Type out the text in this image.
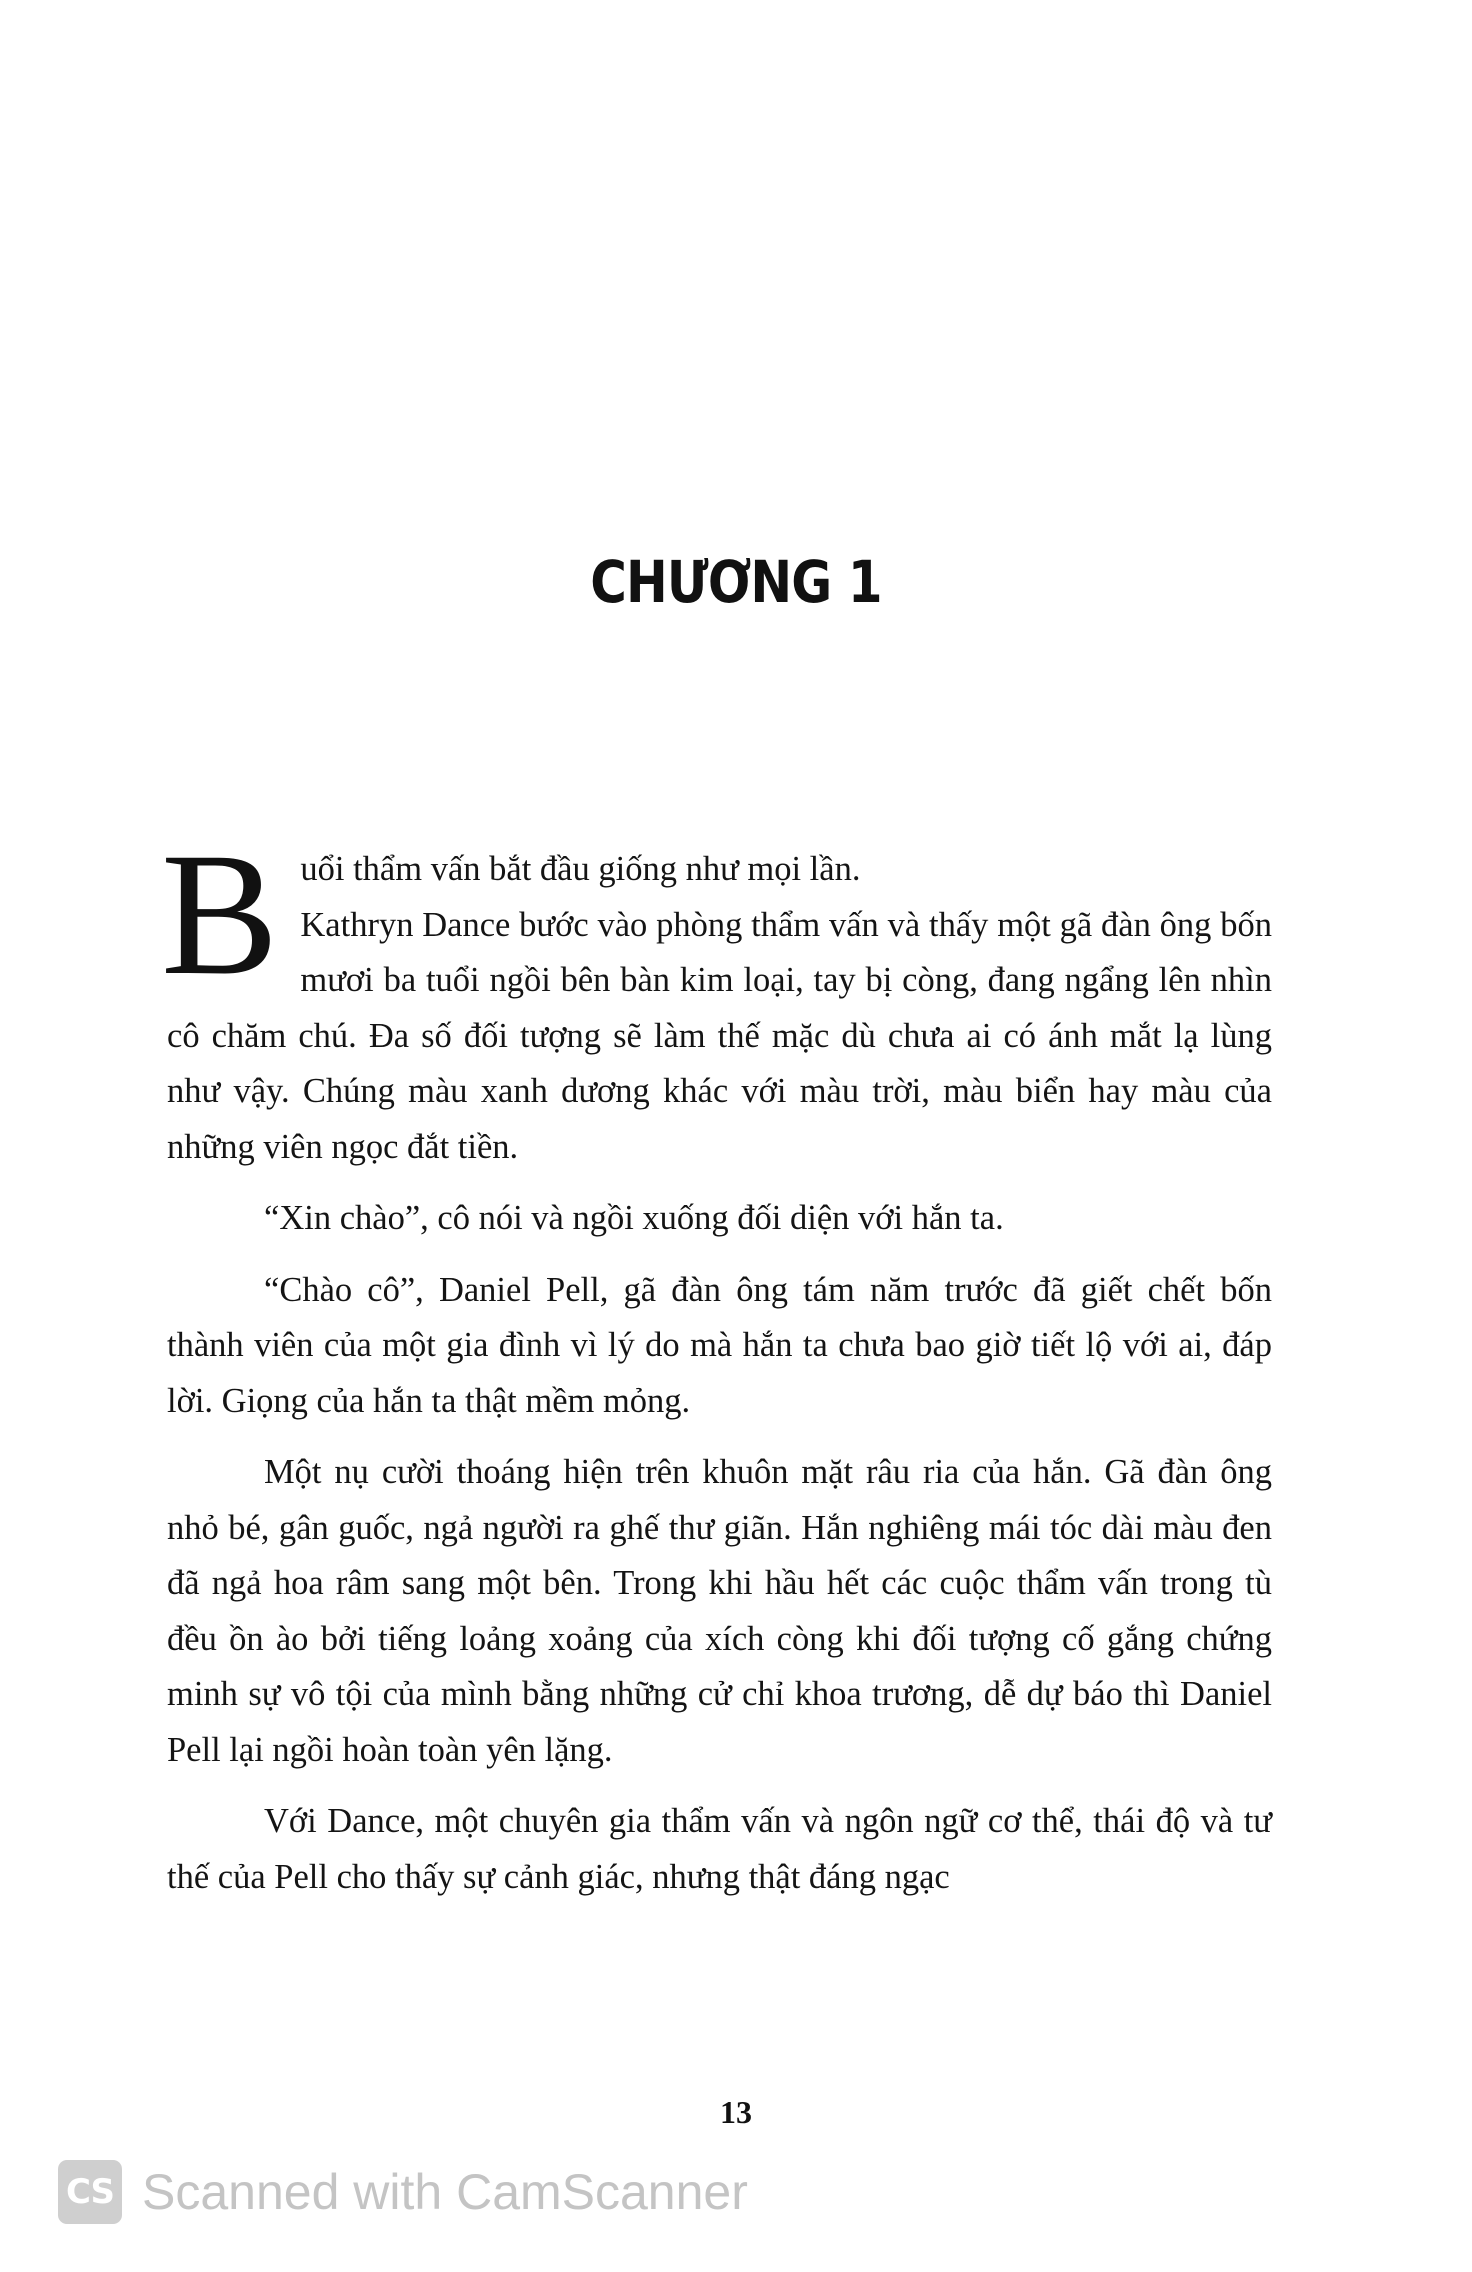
CHƯƠNG 1

Buổi thẩm vấn bắt đầu giống như mọi lần.

Kathryn Dance bước vào phòng thẩm vấn và thấy một gã đàn ông bốn mươi ba tuổi ngồi bên bàn kim loại, tay bị còng, đang ngẩng lên nhìn cô chăm chú. Đa số đối tượng sẽ làm thế mặc dù chưa ai có ánh mắt lạ lùng như vậy. Chúng màu xanh dương khác với màu trời, màu biển hay màu của những viên ngọc đắt tiền.

“Xin chào”, cô nói và ngồi xuống đối diện với hắn ta.

“Chào cô”, Daniel Pell, gã đàn ông tám năm trước đã giết chết bốn thành viên của một gia đình vì lý do mà hắn ta chưa bao giờ tiết lộ với ai, đáp lời. Giọng của hắn ta thật mềm mỏng.

Một nụ cười thoáng hiện trên khuôn mặt râu ria của hắn. Gã đàn ông nhỏ bé, gân guốc, ngả người ra ghế thư giãn. Hắn nghiêng mái tóc dài màu đen đã ngả hoa râm sang một bên. Trong khi hầu hết các cuộc thẩm vấn trong tù đều ồn ào bởi tiếng loảng xoảng của xích còng khi đối tượng cố gắng chứng minh sự vô tội của mình bằng những cử chỉ khoa trương, dễ dự báo thì Daniel Pell lại ngồi hoàn toàn yên lặng.

Với Dance, một chuyên gia thẩm vấn và ngôn ngữ cơ thể, thái độ và tư thế của Pell cho thấy sự cảnh giác, nhưng thật đáng ngạc

13
CS Scanned with CamScanner
